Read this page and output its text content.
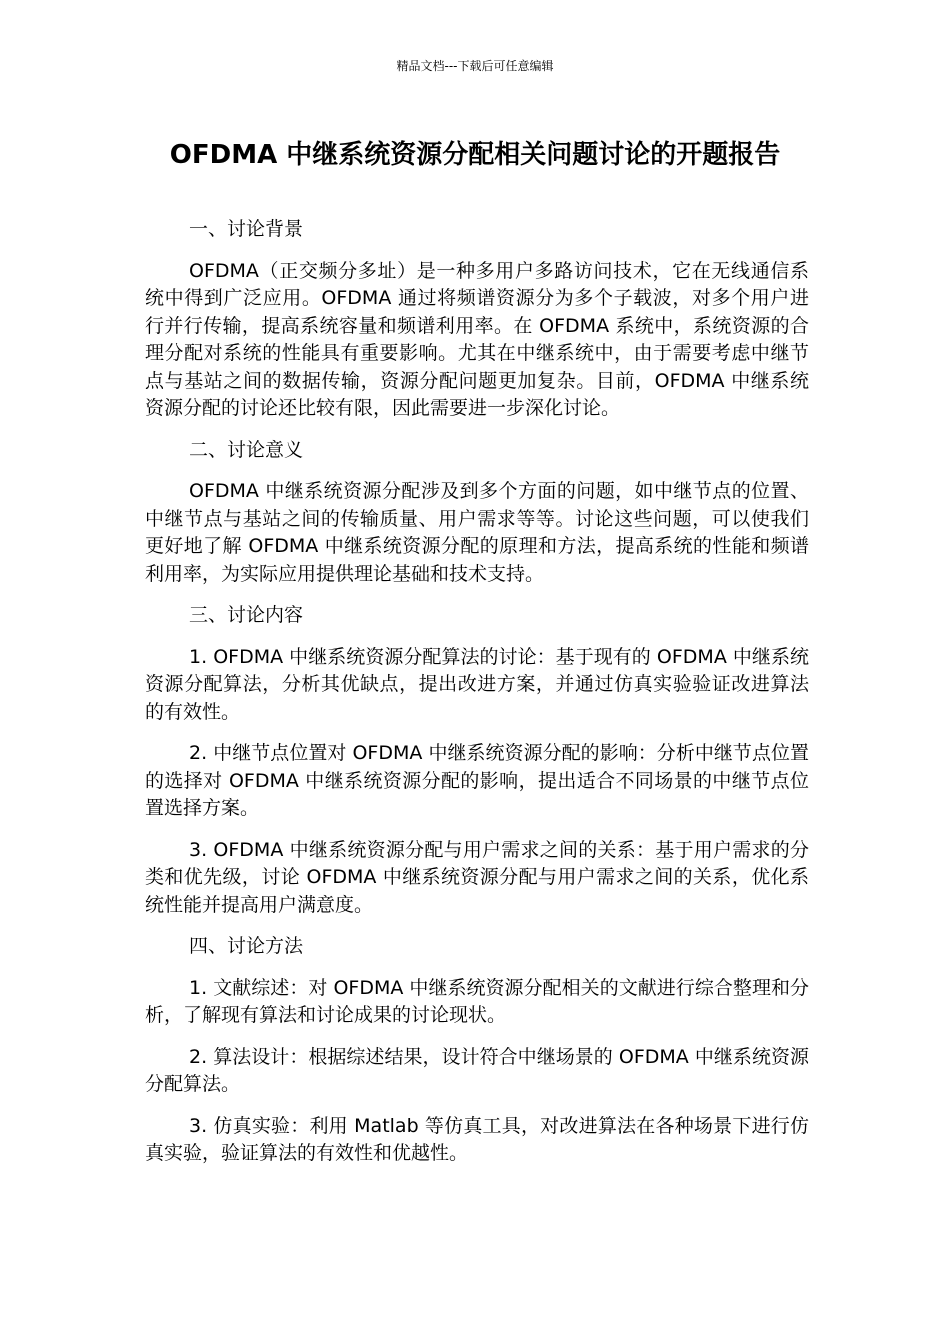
精品文档---下载后可任意编辑
OFDMA 中继系统资源分配相关问题讨论的开题报告

一、讨论背景

OFDMA（正交频分多址）是一种多用户多路访问技术，它在无线通信系统中得到广泛应用。OFDMA 通过将频谱资源分为多个子载波，对多个用户进行并行传输，提高系统容量和频谱利用率。在 OFDMA 系统中，系统资源的合理分配对系统的性能具有重要影响。尤其在中继系统中，由于需要考虑中继节点与基站之间的数据传输，资源分配问题更加复杂。目前，OFDMA 中继系统资源分配的讨论还比较有限，因此需要进一步深化讨论。

二、讨论意义

OFDMA 中继系统资源分配涉及到多个方面的问题，如中继节点的位置、中继节点与基站之间的传输质量、用户需求等等。讨论这些问题，可以使我们更好地了解 OFDMA 中继系统资源分配的原理和方法，提高系统的性能和频谱利用率，为实际应用提供理论基础和技术支持。

三、讨论内容

1. OFDMA 中继系统资源分配算法的讨论：基于现有的 OFDMA 中继系统资源分配算法，分析其优缺点，提出改进方案，并通过仿真实验验证改进算法的有效性。

2. 中继节点位置对 OFDMA 中继系统资源分配的影响：分析中继节点位置的选择对 OFDMA 中继系统资源分配的影响，提出适合不同场景的中继节点位置选择方案。

3. OFDMA 中继系统资源分配与用户需求之间的关系：基于用户需求的分类和优先级，讨论 OFDMA 中继系统资源分配与用户需求之间的关系，优化系统性能并提高用户满意度。

四、讨论方法

1. 文献综述：对 OFDMA 中继系统资源分配相关的文献进行综合整理和分析，了解现有算法和讨论成果的讨论现状。

2. 算法设计：根据综述结果，设计符合中继场景的 OFDMA 中继系统资源分配算法。

3. 仿真实验：利用 Matlab 等仿真工具，对改进算法在各种场景下进行仿真实验，验证算法的有效性和优越性。
